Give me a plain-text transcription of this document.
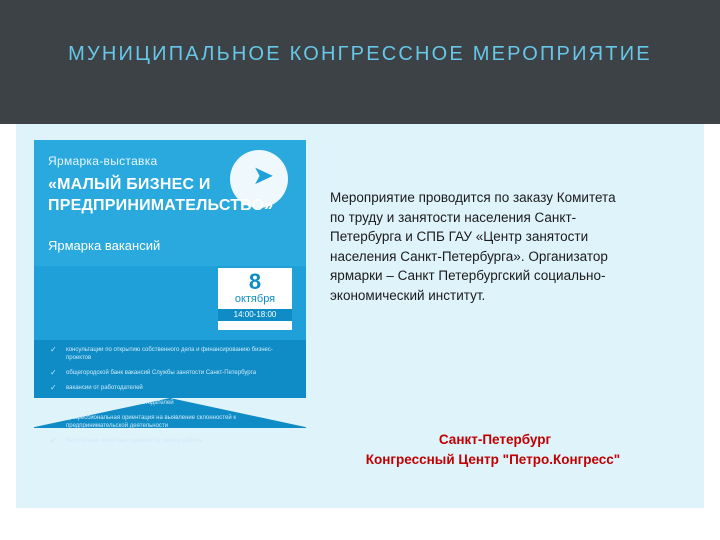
МУНИЦИПАЛЬНОЕ КОНГРЕССНОЕ МЕРОПРИЯТИЕ
➤
Ярмарка-выставка
«МАЛЫЙ БИЗНЕС И ПРЕДПРИНИМАТЕЛЬСТВО»
Ярмарка вакансий
8
октября
14:00-18:00
✓ консультации по открытию собственного дела и финансированию бизнес-проектов
✓ общегородской банк вакансий Службы занятости Санкт-Петербурга
✓ вакансии от работодателей
✓ презентации компаний-работодателей
✓ профессиональная ориентация на выявление склонностей к предпринимательской деятельности
✓ бесплатные печатные издания по поиску работы
Мероприятие проводится по заказу Комитета по труду и занятости населения Санкт-Петербурга и СПБ ГАУ «Центр занятости населения Санкт-Петербурга». Организатор ярмарки – Санкт Петербургский социально-экономический институт.
Санкт-Петербург
Конгрессный Центр "Петро.Конгресс"
